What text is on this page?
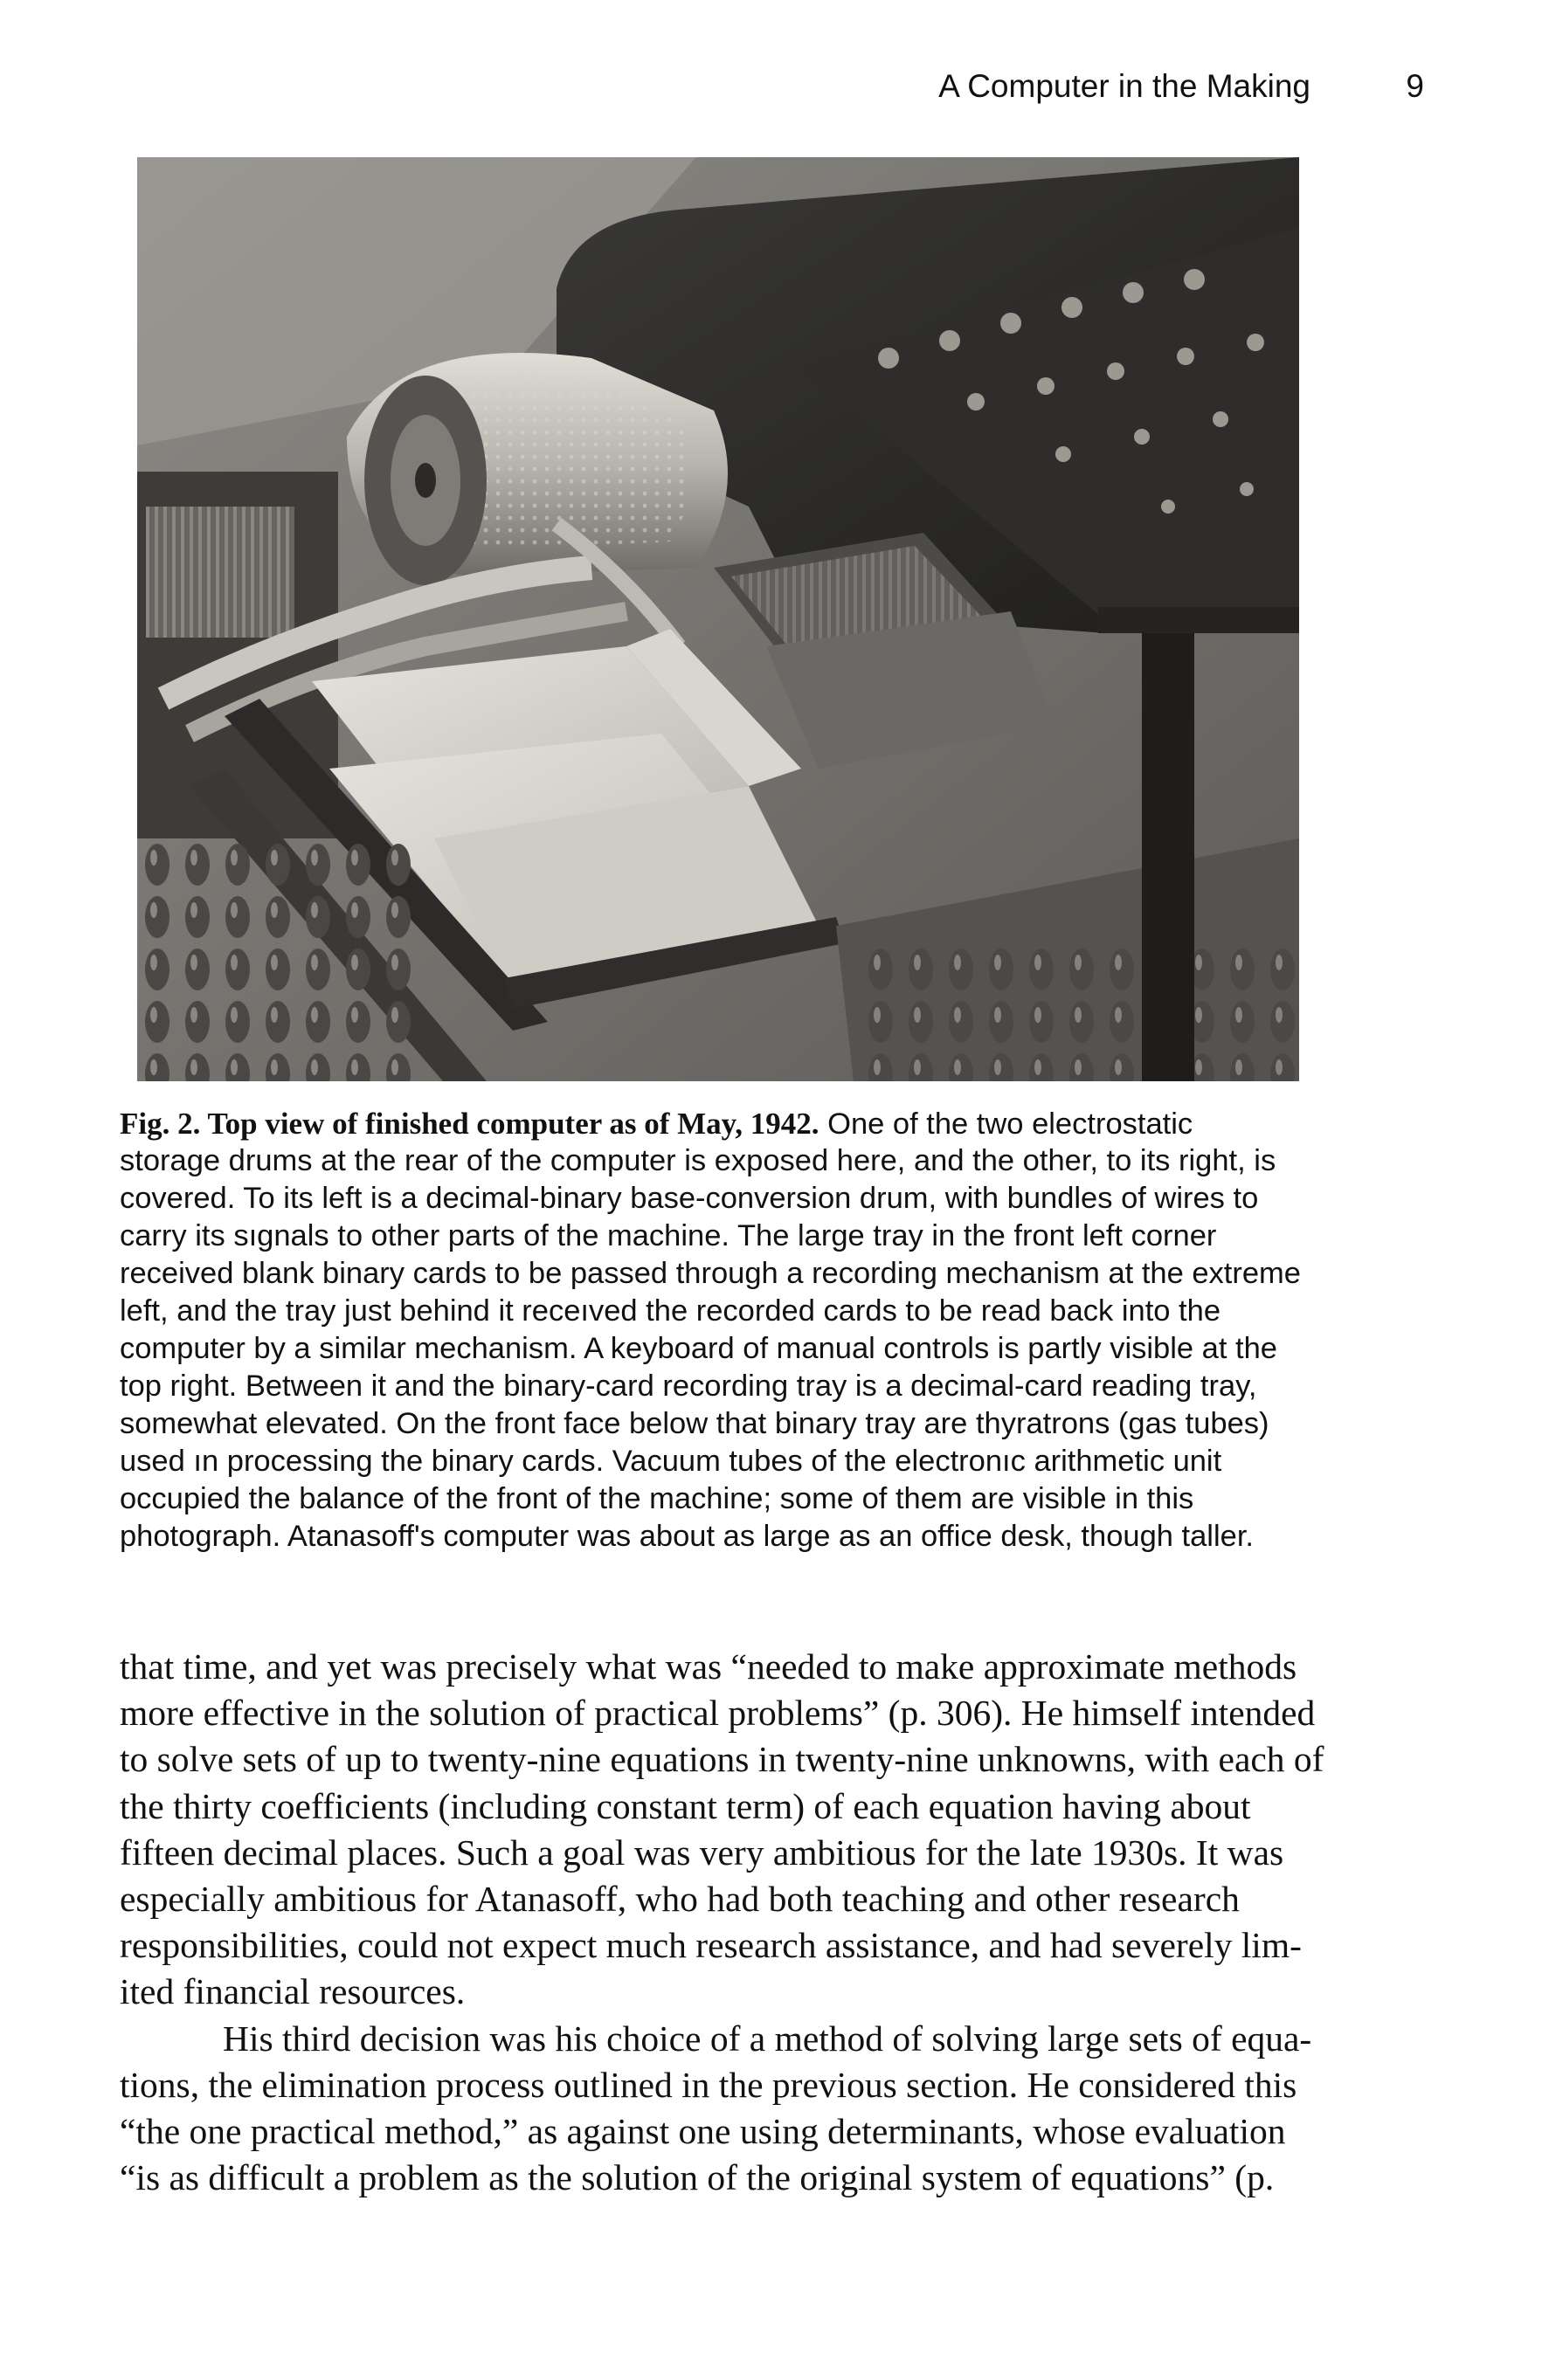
A Computer in the Making	9
Fig. 2. Top view of finished computer as of May, 1942. One of the two electrostatic
storage drums at the rear of the computer is exposed here, and the other, to its right, is
covered. To its left is a decimal-binary base-conversion drum, with bundles of wires to
carry its sıgnals to other parts of the machine. The large tray in the front left corner
received blank binary cards to be passed through a recording mechanism at the extreme
left, and the tray just behind it receıved the recorded cards to be read back into the
computer by a similar mechanism. A keyboard of manual controls is partly visible at the
top right. Between it and the binary-card recording tray is a decimal-card reading tray,
somewhat elevated. On the front face below that binary tray are thyratrons (gas tubes)
used ın processing the binary cards. Vacuum tubes of the electronıc arithmetic unit
occupied the balance of the front of the machine; some of them are visible in this
photograph. Atanasoff's computer was about as large as an office desk, though taller.
that time, and yet was precisely what was “needed to make approximate methods
more effective in the solution of practical problems” (p. 306). He himself intended
to solve sets of up to twenty-nine equations in twenty-nine unknowns, with each of
the thirty coefficients (including constant term) of each equation having about
fifteen decimal places. Such a goal was very ambitious for the late 1930s. It was
especially ambitious for Atanasoff, who had both teaching and other research
responsibilities, could not expect much research assistance, and had severely lim-
ited financial resources.
His third decision was his choice of a method of solving large sets of equa-
tions, the elimination process outlined in the previous section. He considered this
“the one practical method,” as against one using determinants, whose evaluation
“is as difficult a problem as the solution of the original system of equations” (p.
